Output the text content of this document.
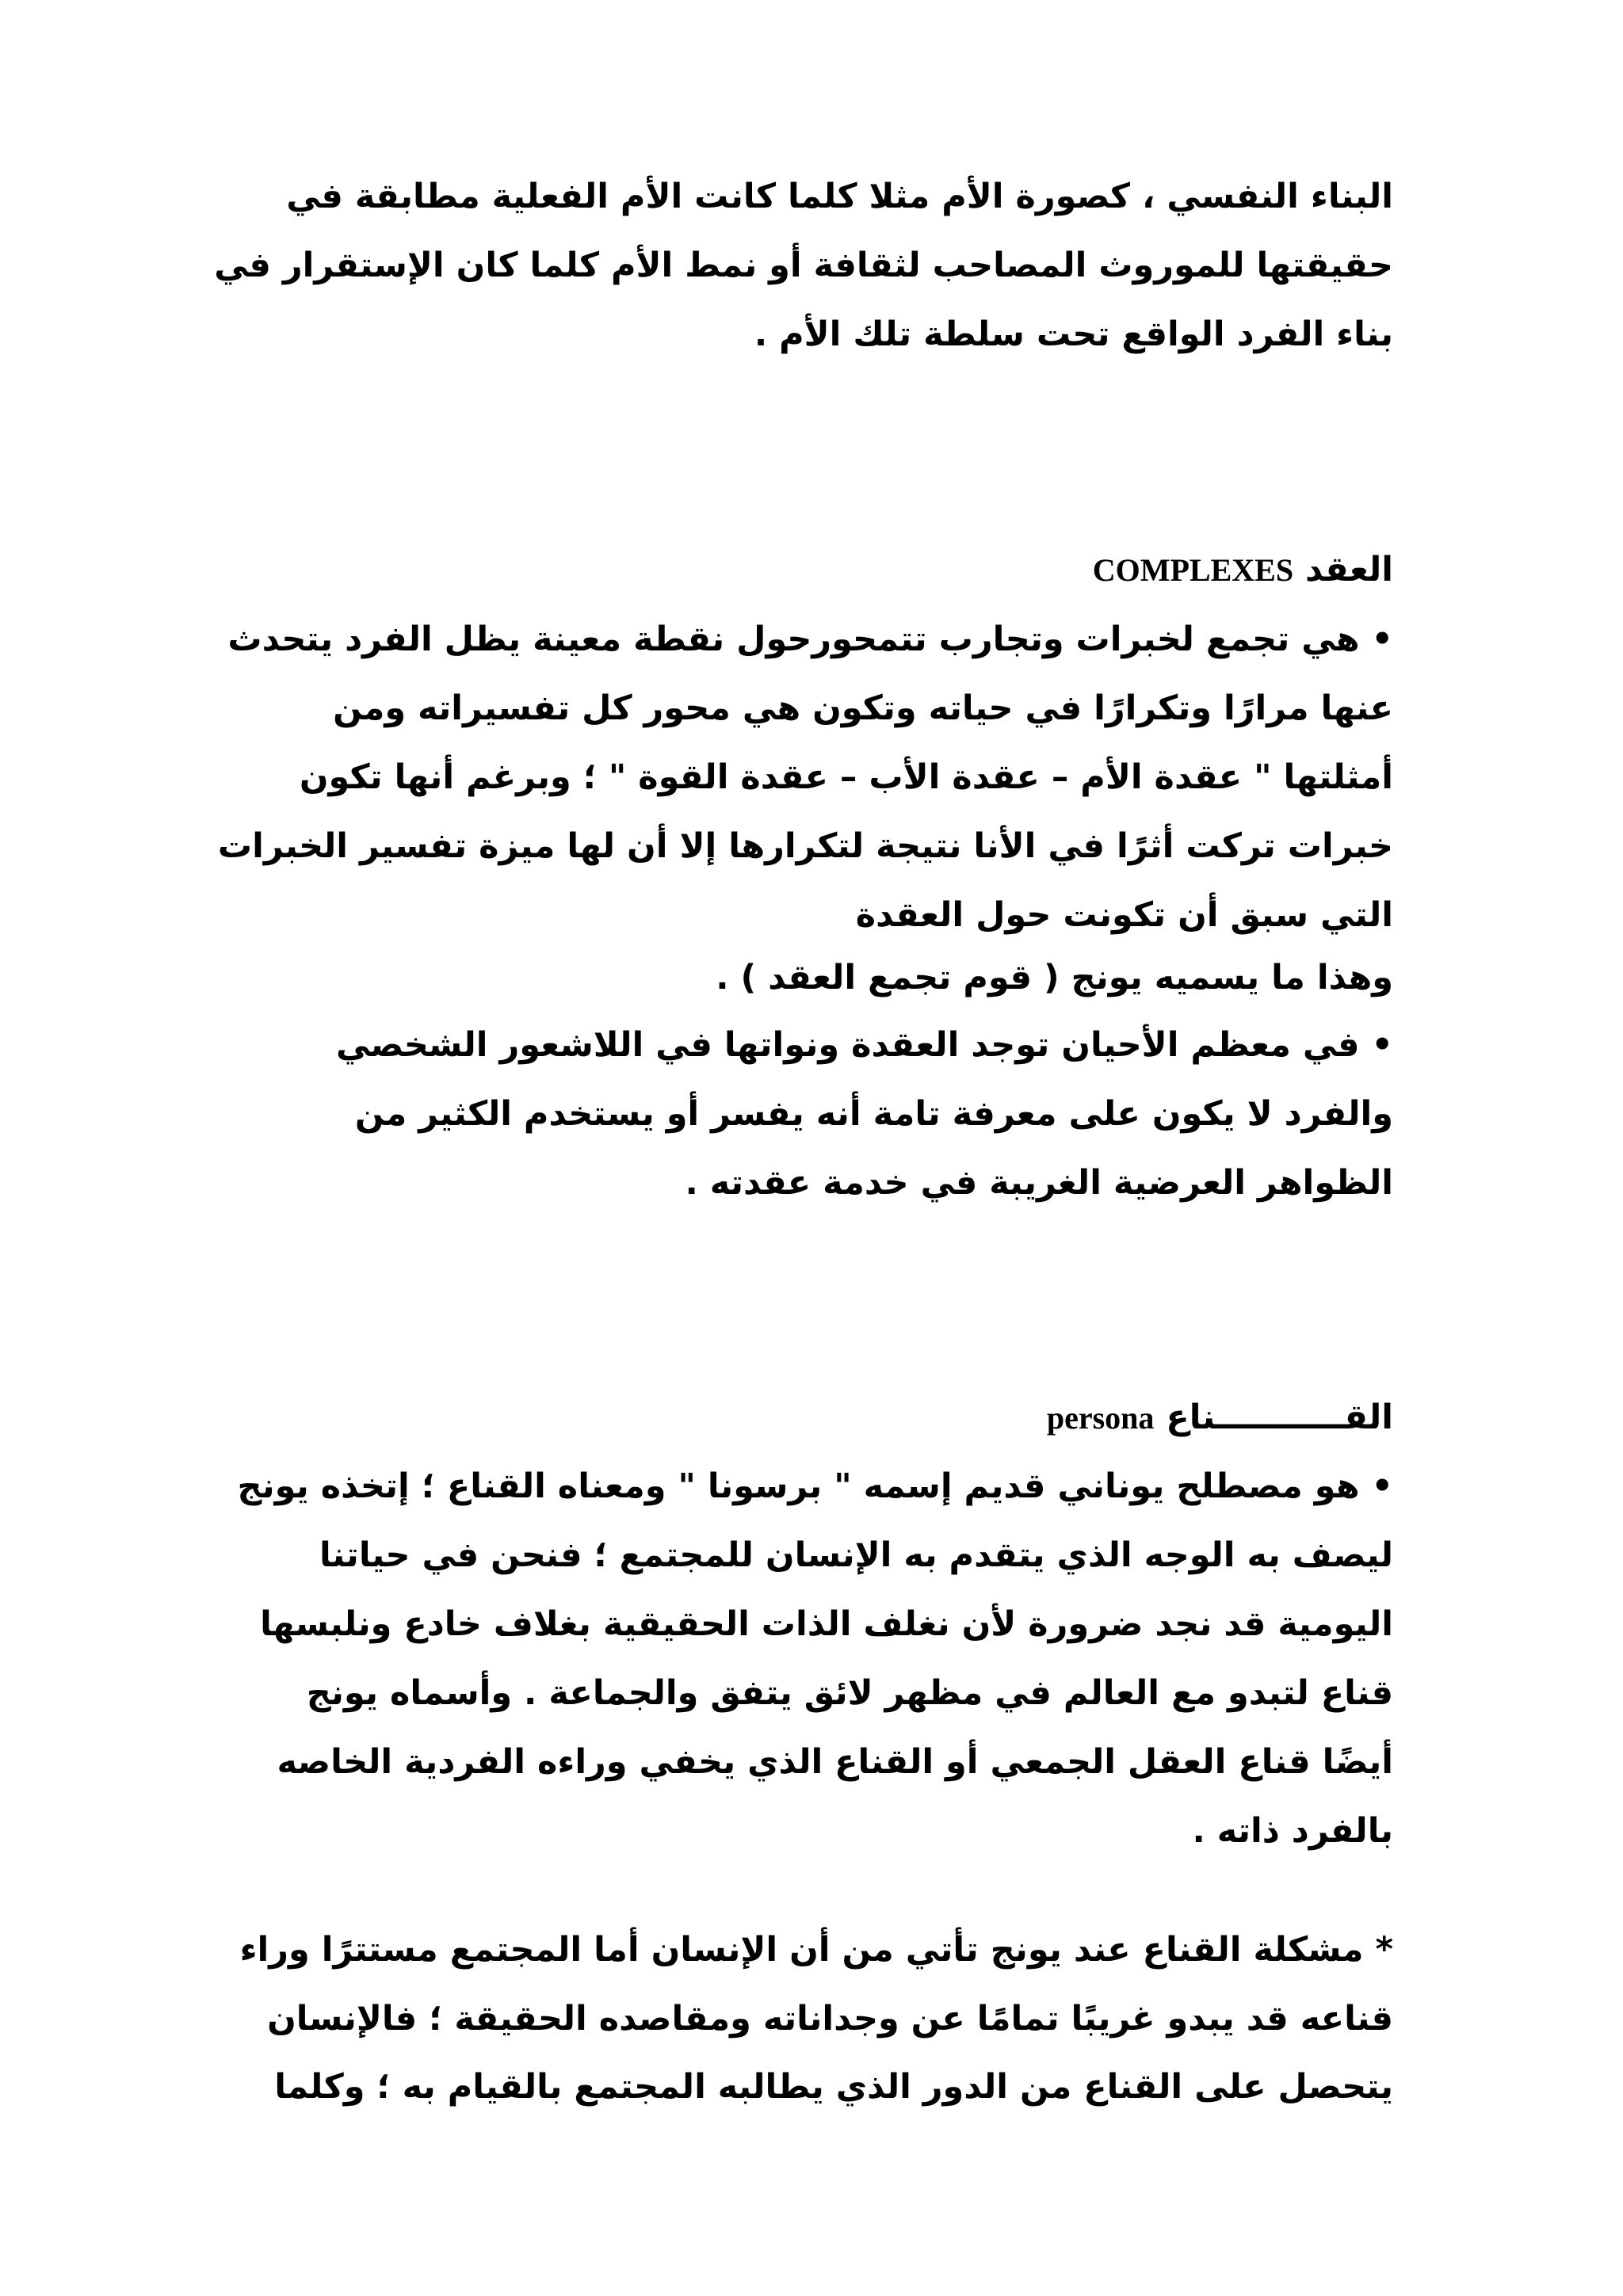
البناء النفسي ، كصورة الأم مثلا كلما كانت الأم الفعلية مطابقة في
حقيقتها للموروث المصاحب لثقافة أو نمط الأم كلما كان الإستقرار في
بناء الفرد الواقع تحت سلطة تلك الأم .
العقد COMPLEXES
• هي تجمع لخبرات وتجارب تتمحورحول نقطة معينة يظل الفرد يتحدث
عنها مرارًا وتكرارًا في حياته وتكون هي محور كل تفسيراته ومن
أمثلتها " عقدة الأم – عقدة الأب – عقدة القوة " ؛ وبرغم أنها تكون
خبرات تركت أثرًا في الأنا نتيجة لتكرارها إلا أن لها ميزة تفسير الخبرات
التي سبق أن تكونت حول العقدة
وهذا ما يسميه يونج ( قوم تجمع العقد ) .
• في معظم الأحيان توجد العقدة ونواتها في اللاشعور الشخصي
والفرد لا يكون على معرفة تامة أنه يفسر أو يستخدم الكثير من
الظواهر العرضية الغريبة في خدمة عقدته .
القـــــــــــناع persona
• هو مصطلح يوناني قديم إسمه " برسونا " ومعناه القناع ؛ إتخذه يونج
ليصف به الوجه الذي يتقدم به الإنسان للمجتمع ؛ فنحن في حياتنا
اليومية قد نجد ضرورة لأن نغلف الذات الحقيقية بغلاف خادع ونلبسها
قناع لتبدو مع العالم في مظهر لائق يتفق والجماعة . وأسماه يونج
أيضًا قناع العقل الجمعي أو القناع الذي يخفي وراءه الفردية الخاصه
بالفرد ذاته .
* مشكلة القناع عند يونج تأتي من أن الإنسان أما المجتمع مستترًا وراء
قناعه قد يبدو غريبًا تمامًا عن وجداناته ومقاصده الحقيقة ؛ فالإنسان
يتحصل على القناع من الدور الذي يطالبه المجتمع بالقيام به ؛ وكلما
